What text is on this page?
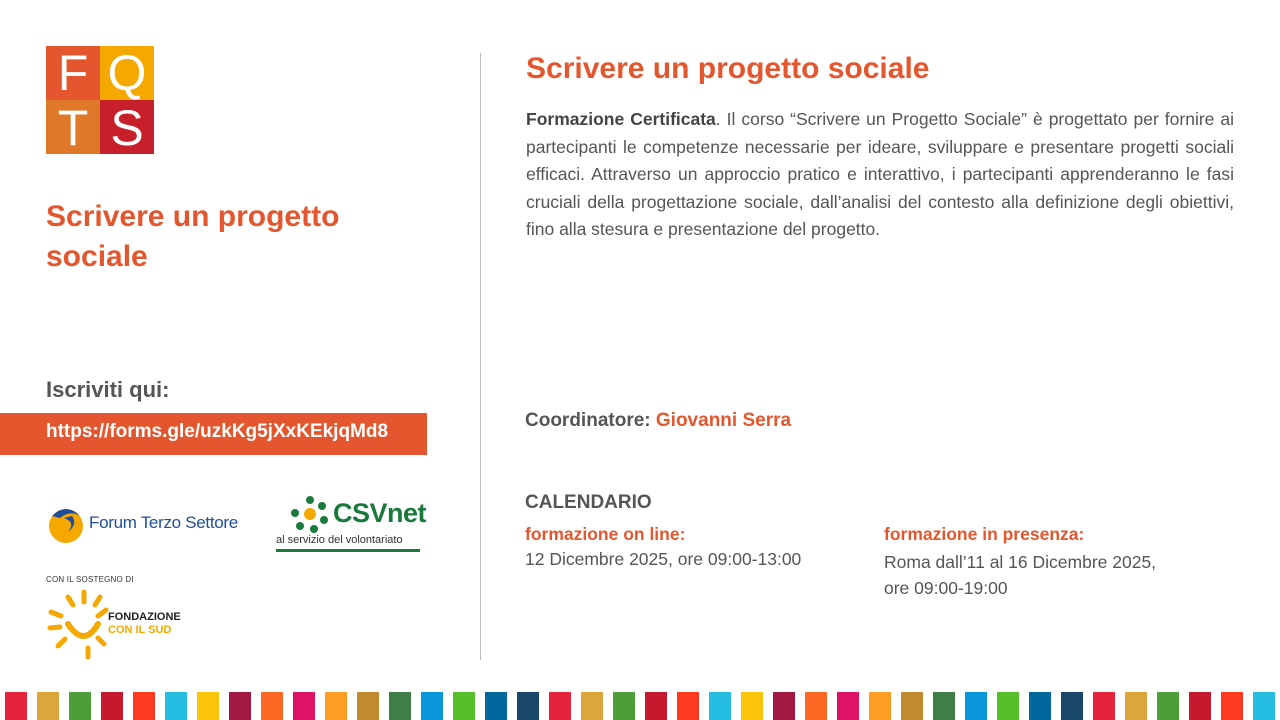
F Q
T S
Scrivere un progetto sociale
Iscriviti qui:
https://forms.gle/uzkKg5jXxKEkjqMd8
Forum Terzo Settore	CSVnet
al servizio del volontariato
CON IL SOSTEGNO DI
FONDAZIONE
CON IL SUD
Scrivere un progetto sociale
Formazione Certificata. Il corso “Scrivere un Progetto Sociale” è progettato per fornire ai partecipanti le competenze necessarie per ideare, sviluppare e presentare progetti sociali efficaci. Attraverso un approccio pratico e interattivo, i partecipanti apprenderanno le fasi cruciali della progettazione sociale, dall’analisi del contesto alla definizione degli obiettivi, fino alla stesura e presentazione del progetto.
Coordinatore: Giovanni Serra
CALENDARIO
formazione on line:
12 Dicembre 2025, ore 09:00-13:00
formazione in presenza:
Roma dall’11 al 16 Dicembre 2025,
ore 09:00-19:00
